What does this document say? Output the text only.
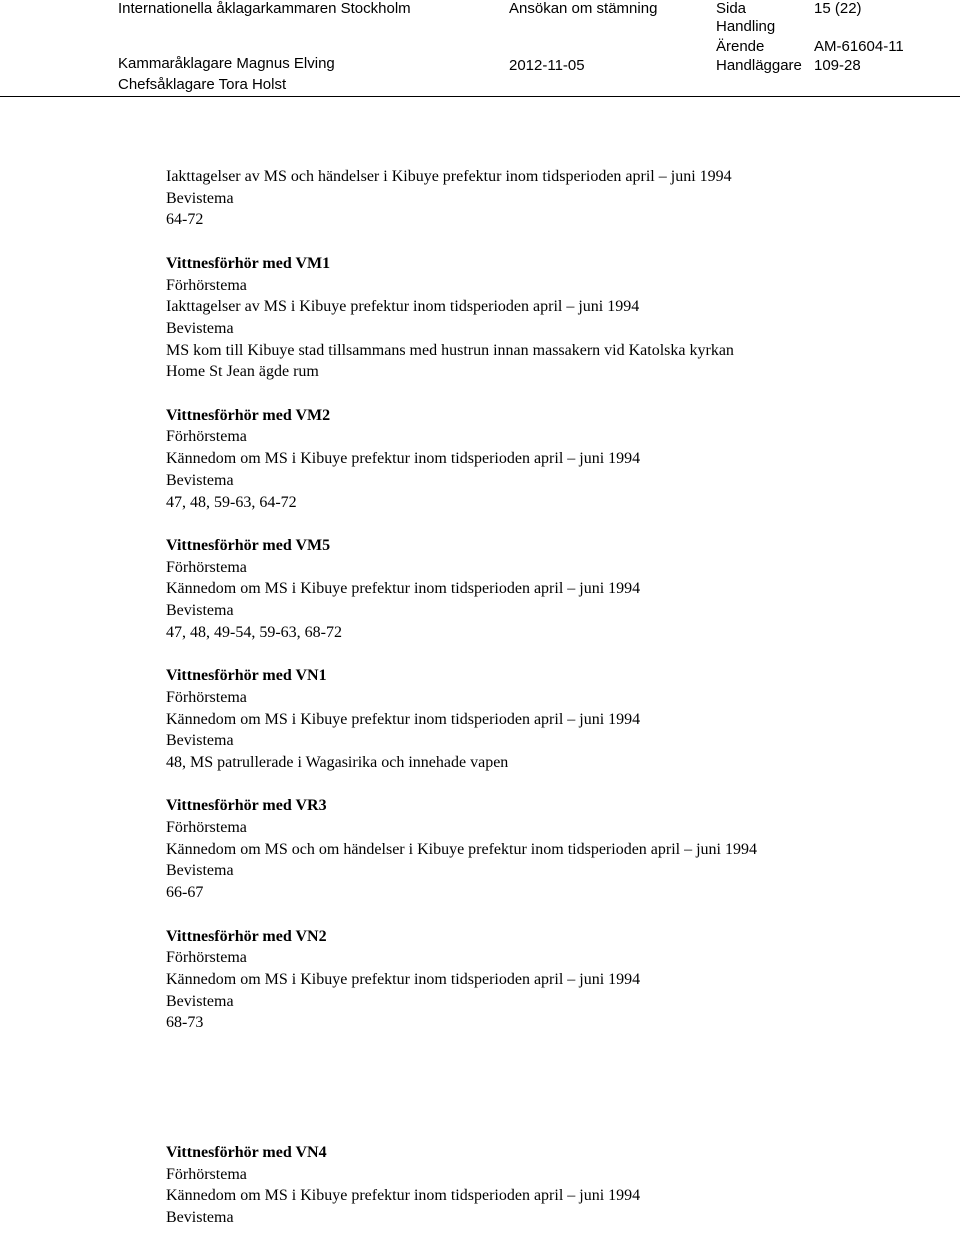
Internationella åklagarkammaren Stockholm	Ansökan om stämning	Sida	15 (22)
Handling
Ärende	AM-61604-11
Kammaråklagare Magnus Elving	2012-11-05	Handläggare 109-28
Chefsåklagare Tora Holst
Iakttagelser av MS och händelser i Kibuye prefektur inom tidsperioden april – juni 1994
Bevistema
64-72
Vittnesförhör med VM1
Förhörstema
Iakttagelser av MS i Kibuye prefektur inom tidsperioden april – juni 1994
Bevistema
MS kom till Kibuye stad tillsammans med hustrun innan massakern vid Katolska kyrkan
Home St Jean ägde rum
Vittnesförhör med VM2
Förhörstema
Kännedom om MS i Kibuye prefektur inom tidsperioden april – juni 1994
Bevistema
47, 48, 59-63, 64-72
Vittnesförhör med VM5
Förhörstema
Kännedom om MS i Kibuye prefektur inom tidsperioden april – juni 1994
Bevistema
47, 48, 49-54, 59-63, 68-72
Vittnesförhör med VN1
Förhörstema
Kännedom om MS i Kibuye prefektur inom tidsperioden april – juni 1994
Bevistema
48, MS patrullerade i Wagasirika och innehade vapen
Vittnesförhör med VR3
Förhörstema
Kännedom om MS och om händelser i Kibuye prefektur inom tidsperioden april – juni 1994
Bevistema
66-67
Vittnesförhör med VN2
Förhörstema
Kännedom om MS i Kibuye prefektur inom tidsperioden april – juni 1994
Bevistema
68-73
Vittnesförhör med VN4
Förhörstema
Kännedom om MS i Kibuye prefektur inom tidsperioden april – juni 1994
Bevistema
